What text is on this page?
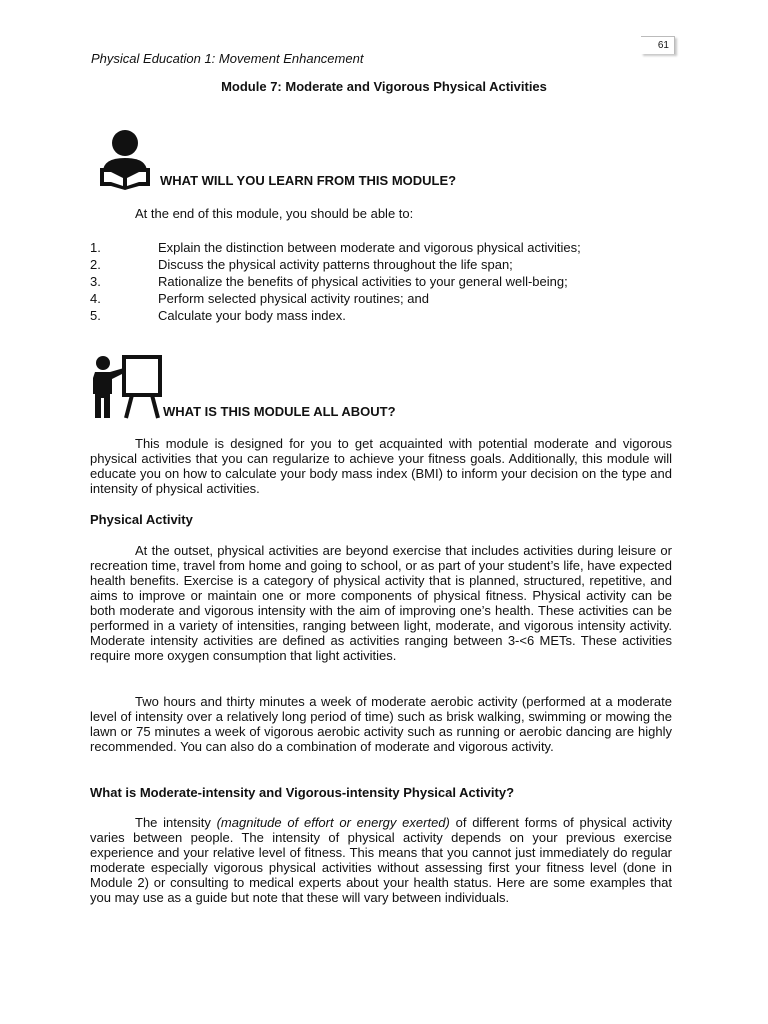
61
Physical Education 1: Movement Enhancement
Module 7: Moderate and Vigorous Physical Activities
WHAT WILL YOU LEARN FROM THIS MODULE?
At the end of this module, you should be able to:
1.	Explain the distinction between moderate and vigorous physical activities;
2.	Discuss the physical activity patterns throughout the life span;
3.	Rationalize the benefits of physical activities to your general well-being;
4.	Perform selected physical activity routines; and
5.	Calculate your body mass index.
WHAT IS THIS MODULE ALL ABOUT?
This module is designed for you to get acquainted with potential moderate and vigorous physical activities that you can regularize to achieve your fitness goals. Additionally, this module will educate you on how to calculate your body mass index (BMI) to inform your decision on the type and intensity of physical activities.
Physical Activity
At the outset, physical activities are beyond exercise that includes activities during leisure or recreation time, travel from home and going to school, or as part of your student’s life, have expected health benefits. Exercise is a category of physical activity that is planned, structured, repetitive, and aims to improve or maintain one or more components of physical fitness. Physical activity can be both moderate and vigorous intensity with the aim of improving one’s health. These activities can be performed in a variety of intensities, ranging between light, moderate, and vigorous intensity activity. Moderate intensity activities are defined as activities ranging between 3-<6 METs. These activities require more oxygen consumption that light activities.
Two hours and thirty minutes a week of moderate aerobic activity (performed at a moderate level of intensity over a relatively long period of time) such as brisk walking, swimming or mowing the lawn or 75 minutes a week of vigorous aerobic activity such as running or aerobic dancing are highly recommended. You can also do a combination of moderate and vigorous activity.
What is Moderate-intensity and Vigorous-intensity Physical Activity?
The intensity (magnitude of effort or energy exerted) of different forms of physical activity varies between people. The intensity of physical activity depends on your previous exercise experience and your relative level of fitness. This means that you cannot just immediately do regular moderate especially vigorous physical activities without assessing first your fitness level (done in Module 2) or consulting to medical experts about your health status. Here are some examples that you may use as a guide but note that these will vary between individuals.
